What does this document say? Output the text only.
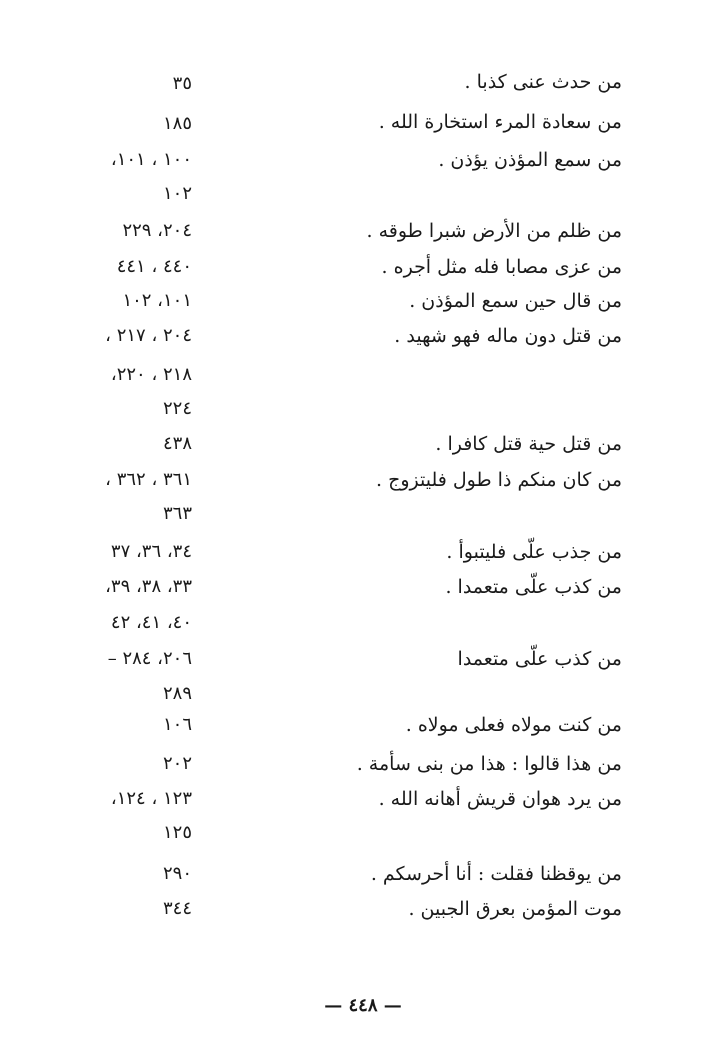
من حدث عنى كذبا .
٣٥
من سعادة المرء استخارة الله .
١٨٥
من سمع المؤذن يؤذن .
١٠٠ ، ١٠١،
١٠٢
من ظلم من الأرض شبرا طوقه .
٢٠٤، ٢٢٩
من عزى مصابا فله مثل أجره .
٤٤٠ ، ٤٤١
من قال حين سمع المؤذن .
١٠١، ١٠٢
من قتل دون ماله فهو شهيد .
٢٠٤ ، ٢١٧ ،
٢١٨ ، ٢٢٠،
٢٢٤
من قتل حية قتل كافرا .
٤٣٨
من كان منكم ذا طول فليتزوج .
٣٦١ ، ٣٦٢ ،
٣٦٣
من جذب علّى فليتبوأ .
٣٤، ٣٦، ٣٧
من كذب علّى متعمدا .
٣٣، ٣٨، ٣٩،
٤٠، ٤١، ٤٢
من كذب علّى متعمدا
٢٠٦، ٢٨٤ –
٢٨٩
من كنت مولاه فعلى مولاه .
١٠٦
من هذا قالوا : هذا من بنى سأمة .
٢٠٢
من يرد هوان قريش أهانه الله .
١٢٣ ، ١٢٤،
١٢٥
من يوقظنا فقلت : أنا أحرسكم .
٢٩٠
موت المؤمن بعرق الجبين .
٣٤٤
— ٤٤٨ —
